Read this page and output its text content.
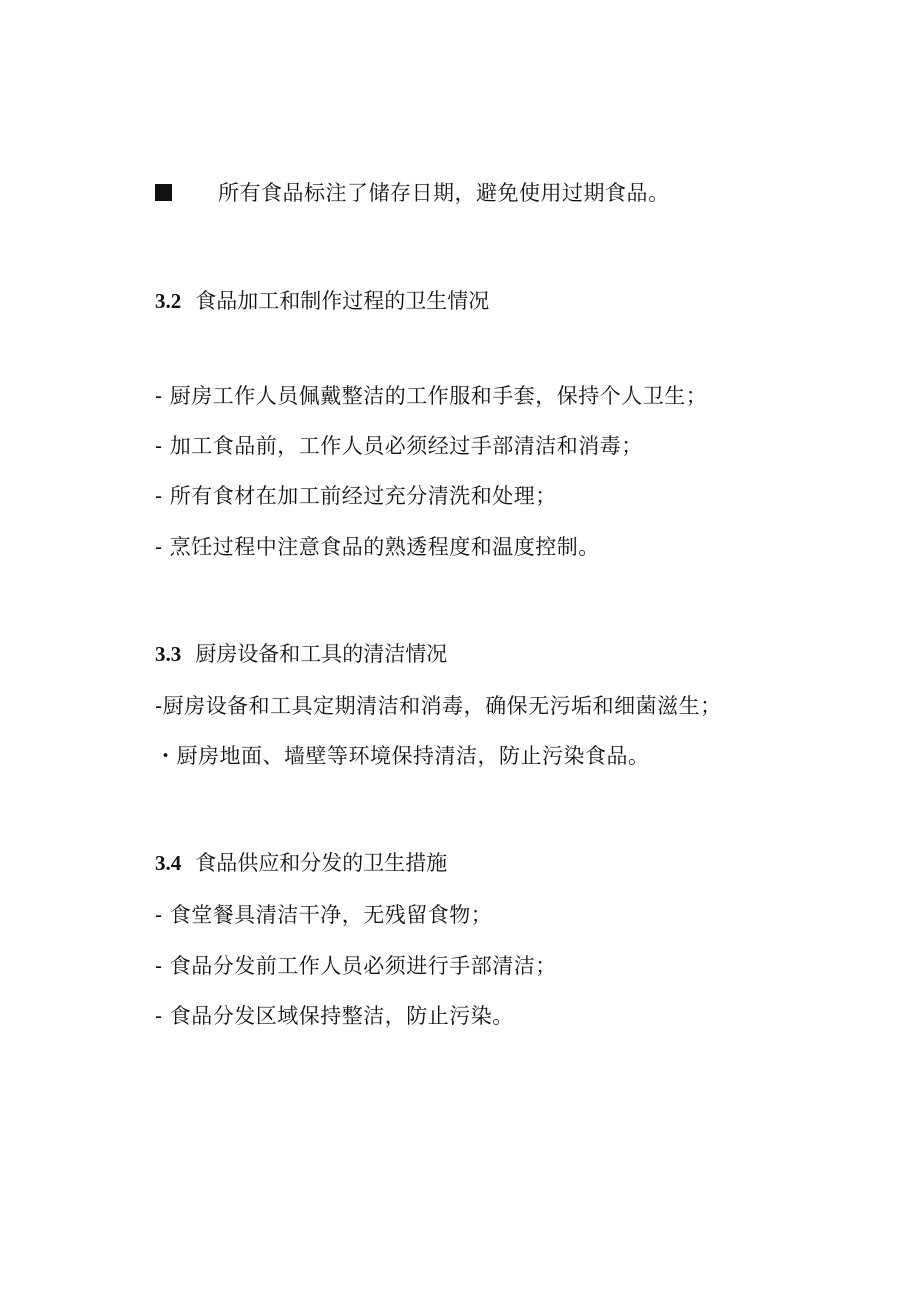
所有食品标注了储存日期，避免使用过期食品。
3.2 食品加工和制作过程的卫生情况
- 厨房工作人员佩戴整洁的工作服和手套，保持个人卫生；
- 加工食品前，工作人员必须经过手部清洁和消毒；
- 所有食材在加工前经过充分清洗和处理；
- 烹饪过程中注意食品的熟透程度和温度控制。
3.3 厨房设备和工具的清洁情况
-厨房设备和工具定期清洁和消毒，确保无污垢和细菌滋生；
・厨房地面、墙壁等环境保持清洁，防止污染食品。
3.4 食品供应和分发的卫生措施
- 食堂餐具清洁干净，无残留食物；
- 食品分发前工作人员必须进行手部清洁；
- 食品分发区域保持整洁，防止污染。
